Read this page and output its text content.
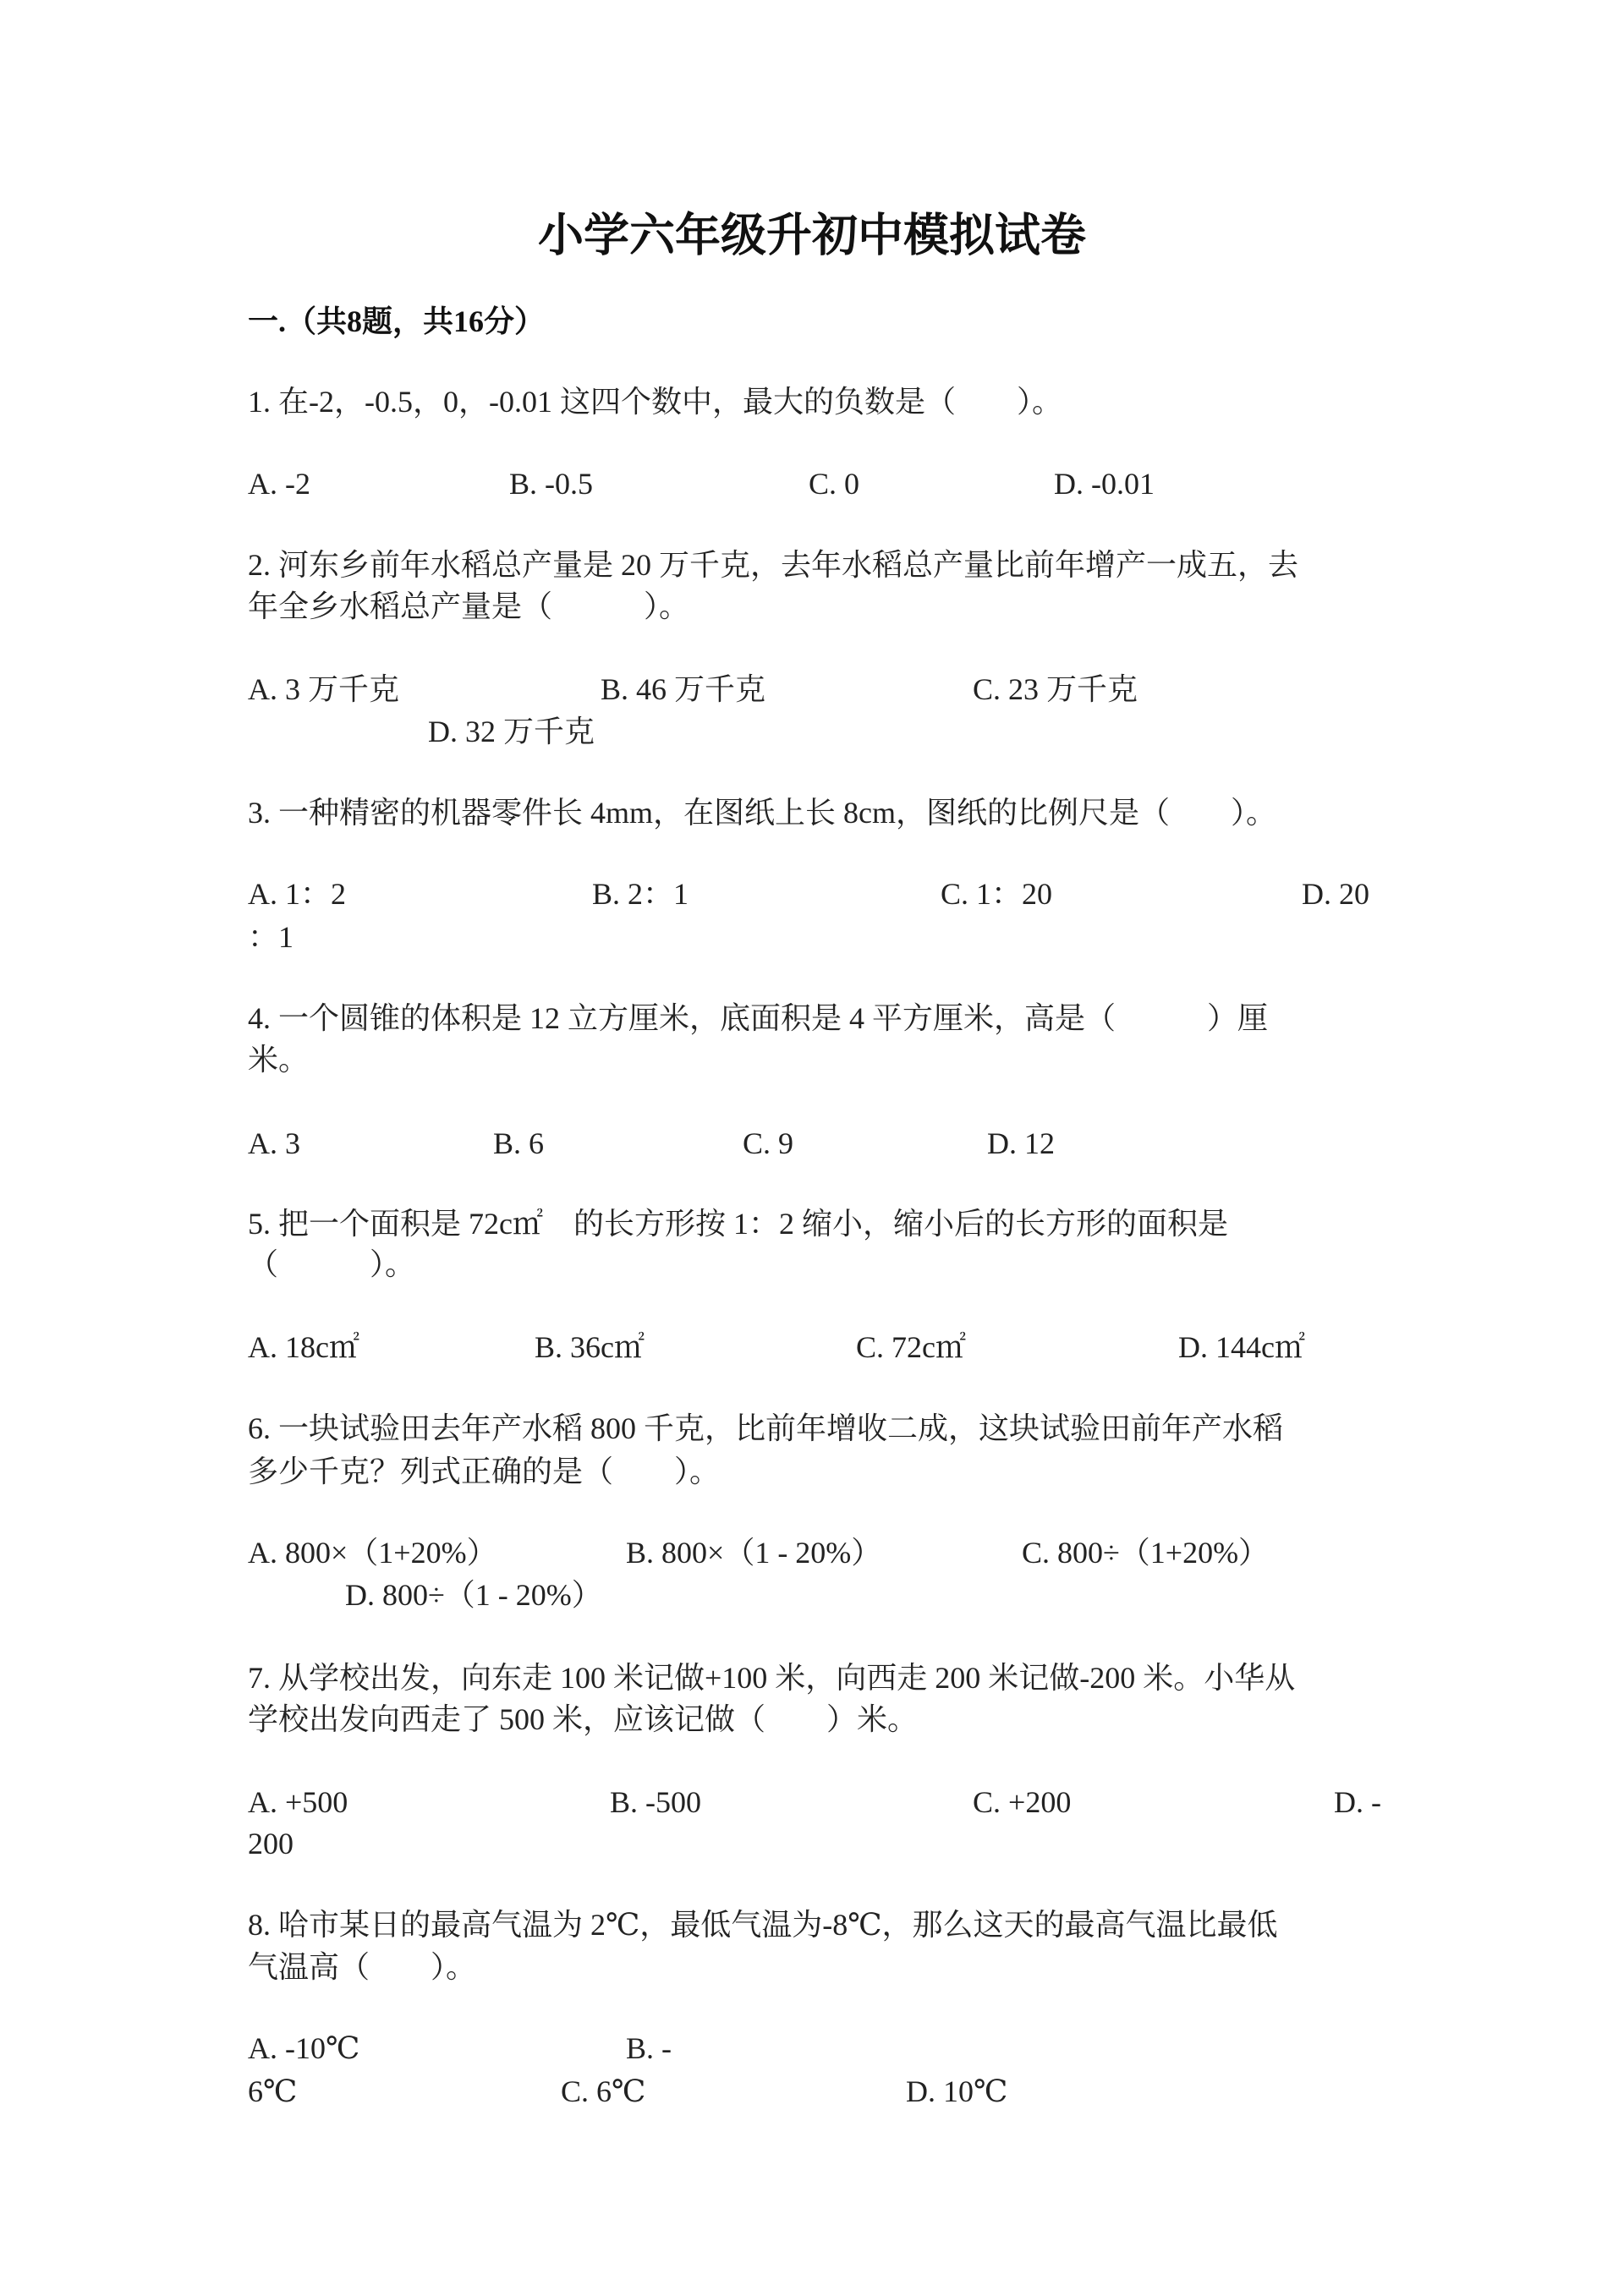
小学六年级升初中模拟试卷
一.（共8题，共16分）
1. 在-2，-0.5，0，-0.01 这四个数中，最大的负数是（　　）。
A. -2	B. -0.5	C. 0	D. -0.01
2. 河东乡前年水稻总产量是 20 万千克，去年水稻总产量比前年增产一成五，去
年全乡水稻总产量是（　　　）。
A. 3 万千克	B. 46 万千克	C. 23 万千克
D. 32 万千克
3. 一种精密的机器零件长 4mm，在图纸上长 8cm，图纸的比例尺是（　　）。
A. 1：2	B. 2：1	C. 1：20	D. 20
：1
4. 一个圆锥的体积是 12 立方厘米，底面积是 4 平方厘米，高是（　　　）厘
米。
A. 3	B. 6	C. 9	D. 12
5. 把一个面积是 72c㎡　的长方形按 1：2 缩小，缩小后的长方形的面积是
（　　　）。
A. 18c㎡	B. 36c㎡	C. 72c㎡	D. 144c㎡
6. 一块试验田去年产水稻 800 千克，比前年增收二成，这块试验田前年产水稻
多少千克？列式正确的是（　　）。
A. 800×（1+20%）	B. 800×（1 - 20%）	C. 800÷（1+20%）
D. 800÷（1 - 20%）
7. 从学校出发，向东走 100 米记做+100 米，向西走 200 米记做-200 米。小华从
学校出发向西走了 500 米，应该记做（　　）米。
A. +500	B. -500	C. +200	D. -
200
8. 哈市某日的最高气温为 2℃，最低气温为-8℃，那么这天的最高气温比最低
气温高（　　）。
A. -10℃	B. -
6℃	C. 6℃	D. 10℃
